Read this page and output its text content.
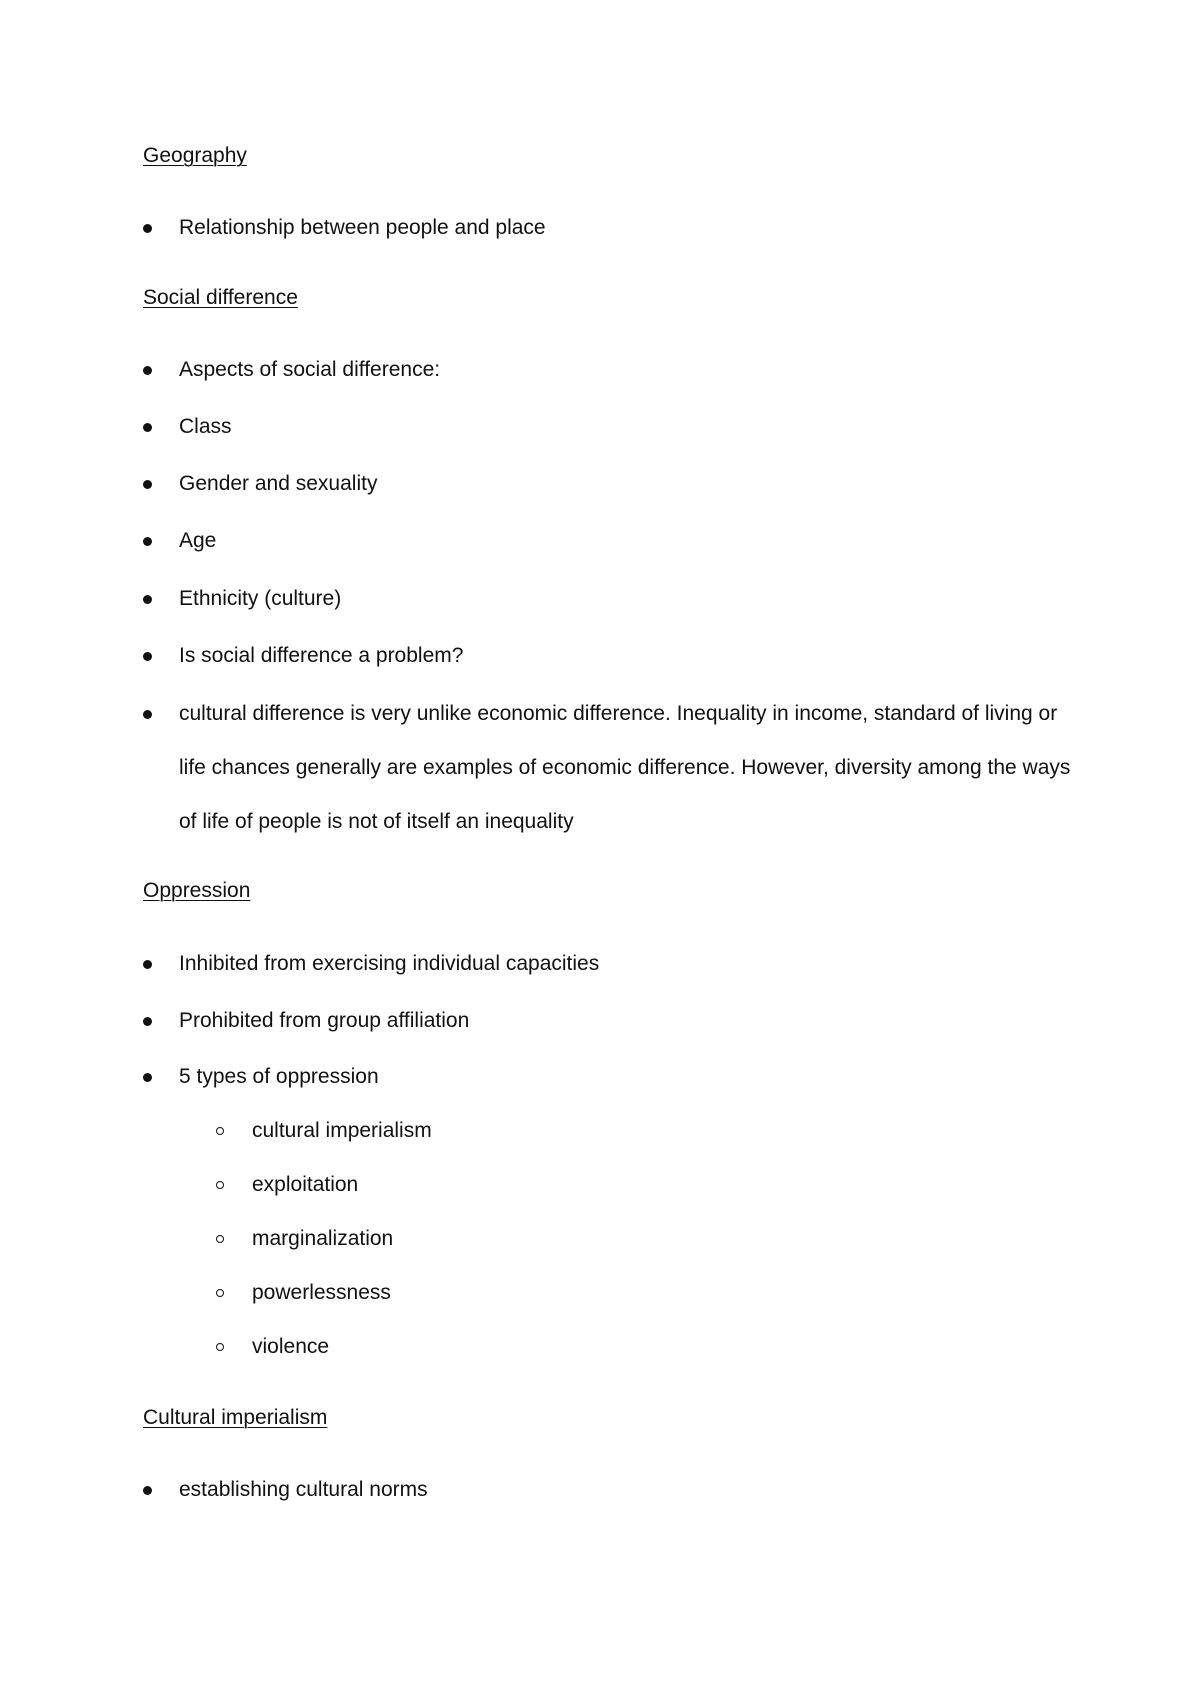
Geography
Relationship between people and place
Social difference
Aspects of social difference:
Class
Gender and sexuality
Age
Ethnicity (culture)
Is social difference a problem?
cultural difference is very unlike economic difference. Inequality in income, standard of living or
life chances generally are examples of economic difference. However, diversity among the ways
of life of people is not of itself an inequality
Oppression
Inhibited from exercising individual capacities
Prohibited from group affiliation
5 types of oppression
cultural imperialism
exploitation
marginalization
powerlessness
violence
Cultural imperialism
establishing cultural norms
